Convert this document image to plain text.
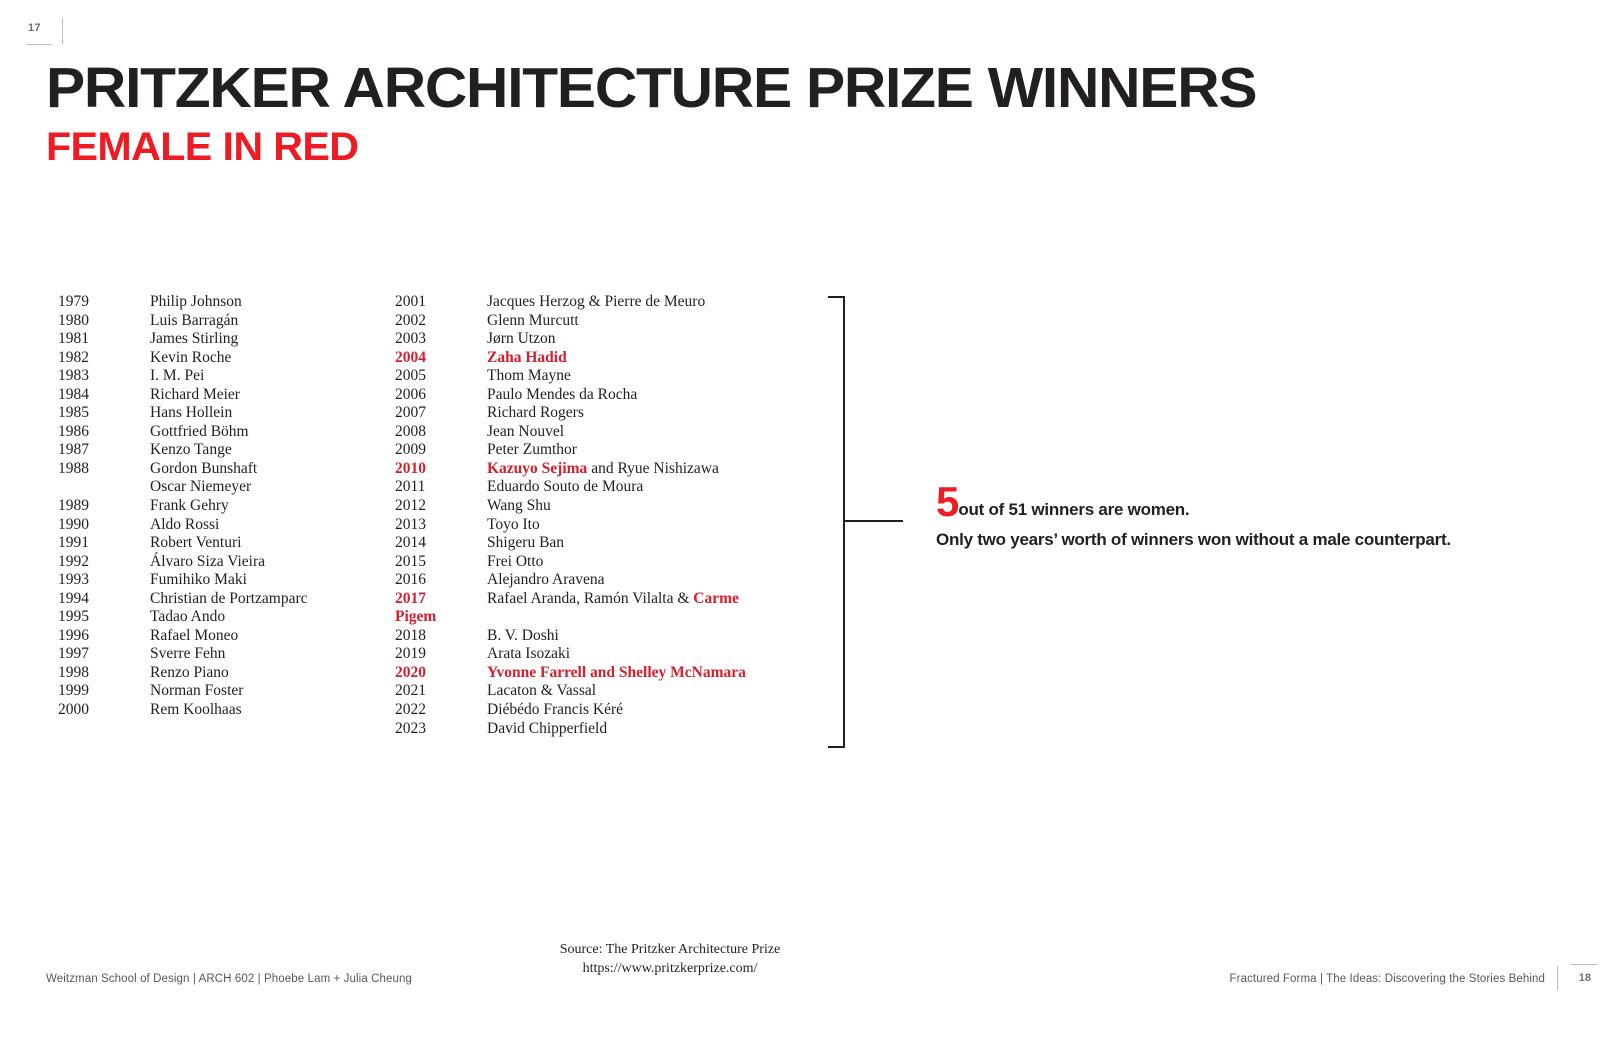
17
PRITZKER ARCHITECTURE PRIZE WINNERS
FEMALE IN RED
1979	Philip Johnson
1980	Luis Barragán
1981	James Stirling
1982	Kevin Roche
1983	I. M. Pei
1984	Richard Meier
1985	Hans Hollein
1986	Gottfried Böhm
1987	Kenzo Tange
1988	Gordon Bunshaft
Oscar Niemeyer
1989	Frank Gehry
1990	Aldo Rossi
1991	Robert Venturi
1992	Álvaro Siza Vieira
1993	Fumihiko Maki
1994	Christian de Portzamparc
1995	Tadao Ando
1996	Rafael Moneo
1997	Sverre Fehn
1998	Renzo Piano
1999	Norman Foster
2000	Rem Koolhaas
2001	Jacques Herzog & Pierre de Meuro
2002	Glenn Murcutt
2003	Jørn Utzon
2004	Zaha Hadid
2005	Thom Mayne
2006	Paulo Mendes da Rocha
2007	Richard Rogers
2008	Jean Nouvel
2009	Peter Zumthor
2010	Kazuyo Sejima and Ryue Nishizawa
2011	Eduardo Souto de Moura
2012	Wang Shu
2013	Toyo Ito
2014	Shigeru Ban
2015	Frei Otto
2016	Alejandro Aravena
2017	Rafael Aranda, Ramón Vilalta & Carme
Pigem
2018	B. V. Doshi
2019	Arata Isozaki
2020	Yvonne Farrell and Shelley McNamara
2021	Lacaton & Vassal
2022	Diébédo Francis Kéré
2023	David Chipperfield
5out of 51 winners are women.
Only two years’ worth of winners won without a male counterpart.
Source: The Pritzker Architecture Prize
https://www.pritzkerprize.com/
Weitzman School of Design | ARCH 602 | Phoebe Lam + Julia Cheung	Fractured Forma | The Ideas: Discovering the Stories Behind	18
